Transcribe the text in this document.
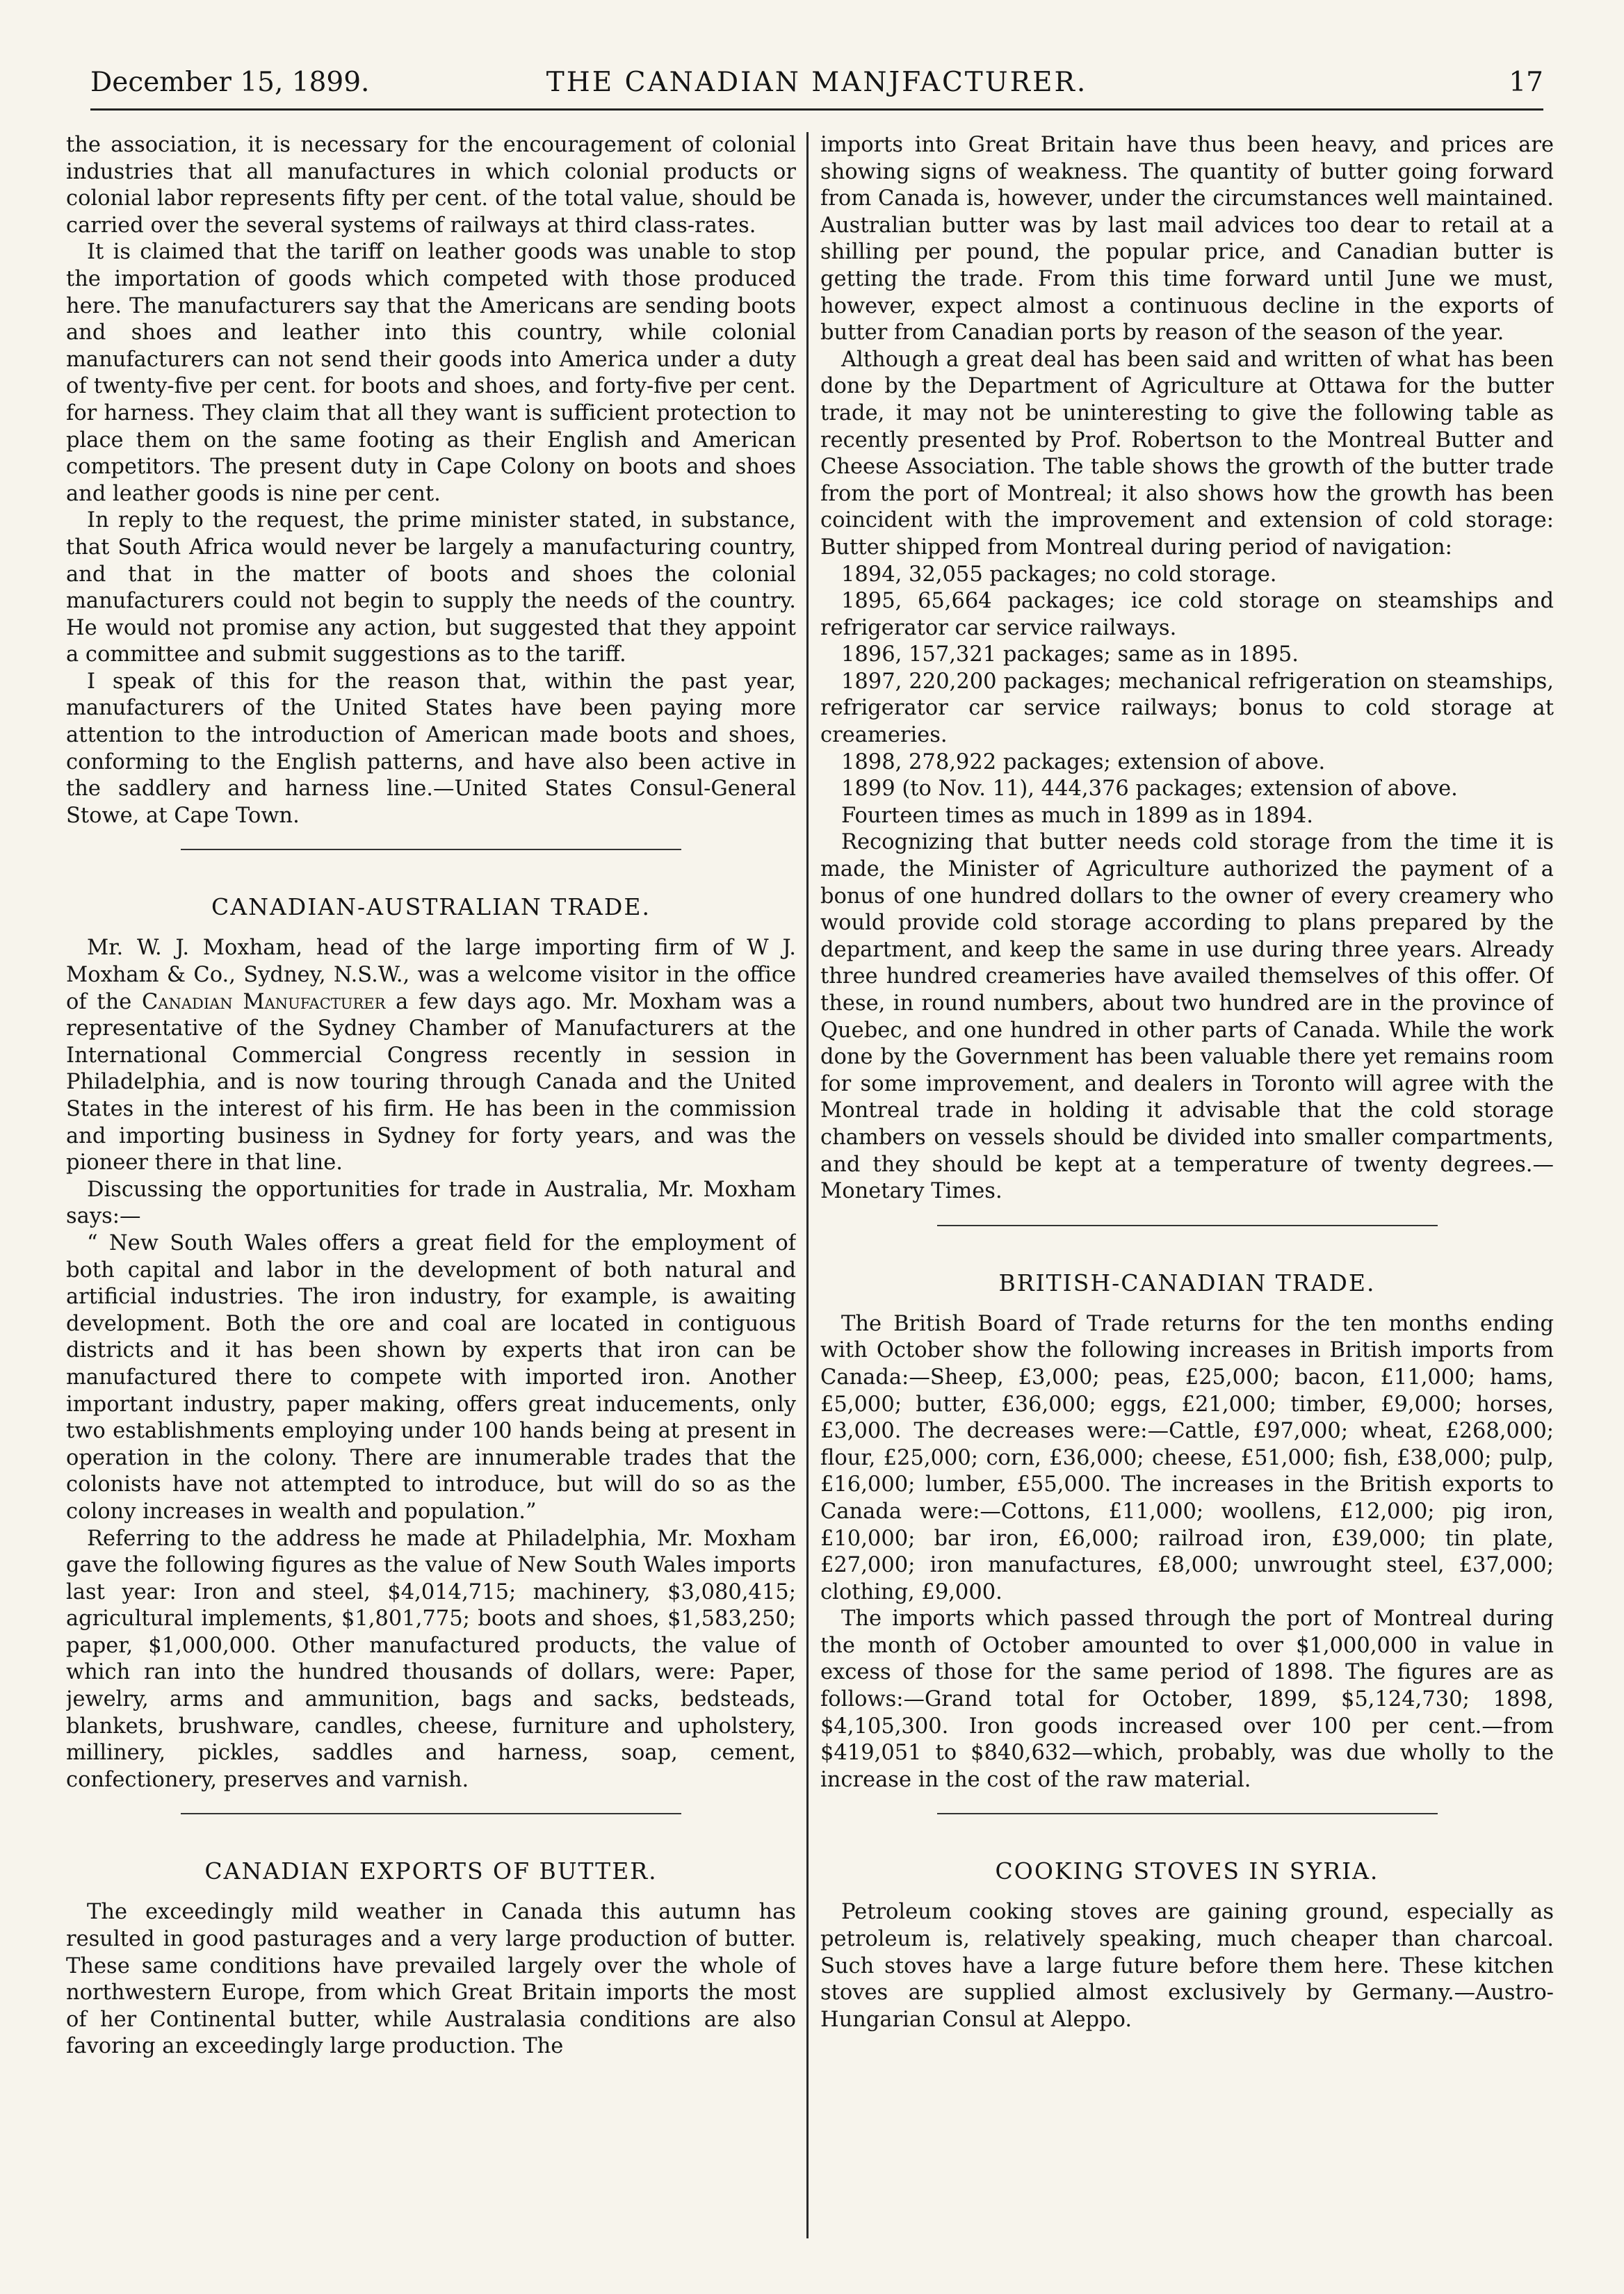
December 15, 1899.	THE CANADIAN MANJFACTURER.	17

the association, it is necessary for the encouragement of colonial industries that all manufactures in which colonial products or colonial labor represents fifty per cent. of the total value, should be carried over the several systems of railways at third class-rates.

It is claimed that the tariff on leather goods was unable to stop the importation of goods which competed with those produced here. The manufacturers say that the Americans are sending boots and shoes and leather into this country, while colonial manufacturers can not send their goods into America under a duty of twenty-five per cent. for boots and shoes, and forty-five per cent. for harness. They claim that all they want is sufficient protection to place them on the same footing as their English and American competitors. The present duty in Cape Colony on boots and shoes and leather goods is nine per cent.

In reply to the request, the prime minister stated, in substance, that South Africa would never be largely a manufacturing country, and that in the matter of boots and shoes the colonial manufacturers could not begin to supply the needs of the country. He would not promise any action, but suggested that they appoint a committee and submit suggestions as to the tariff.

I speak of this for the reason that, within the past year, manufacturers of the United States have been paying more attention to the introduction of American made boots and shoes, conforming to the English patterns, and have also been active in the saddlery and harness line.—United States Consul-General Stowe, at Cape Town.

CANADIAN-AUSTRALIAN TRADE.

Mr. W. J. Moxham, head of the large importing firm of W J. Moxham & Co., Sydney, N.S.W., was a welcome visitor in the office of the Canadian Manufacturer a few days ago. Mr. Moxham was a representative of the Sydney Chamber of Manufacturers at the International Commercial Congress recently in session in Philadelphia, and is now touring through Canada and the United States in the interest of his firm. He has been in the commission and importing business in Sydney for forty years, and was the pioneer there in that line.

Discussing the opportunities for trade in Australia, Mr. Moxham says:—

“ New South Wales offers a great field for the employment of both capital and labor in the development of both natural and artificial industries. The iron industry, for example, is awaiting development. Both the ore and coal are located in contiguous districts and it has been shown by experts that iron can be manufactured there to compete with imported iron. Another important industry, paper making, offers great inducements, only two establishments employing under 100 hands being at present in operation in the colony. There are innumerable trades that the colonists have not attempted to introduce, but will do so as the colony increases in wealth and population.”

Referring to the address he made at Philadelphia, Mr. Moxham gave the following figures as the value of New South Wales imports last year: Iron and steel, $4,014,715; machinery, $3,080,415; agricultural implements, $1,801,775; boots and shoes, $1,583,250; paper, $1,000,000. Other manufactured products, the value of which ran into the hundred thousands of dollars, were: Paper, jewelry, arms and ammunition, bags and sacks, bedsteads, blankets, brushware, candles, cheese, furniture and upholstery, millinery, pickles, saddles and harness, soap, cement, confectionery, preserves and varnish.

CANADIAN EXPORTS OF BUTTER.

The exceedingly mild weather in Canada this autumn has resulted in good pasturages and a very large production of butter. These same conditions have prevailed largely over the whole of northwestern Europe, from which Great Britain imports the most of her Continental butter, while Australasia conditions are also favoring an exceedingly large production. The

imports into Great Britain have thus been heavy, and prices are showing signs of weakness. The quantity of butter going forward from Canada is, however, under the circumstances well maintained. Australian butter was by last mail advices too dear to retail at a shilling per pound, the popular price, and Canadian butter is getting the trade. From this time forward until June we must, however, expect almost a continuous decline in the exports of butter from Canadian ports by reason of the season of the year.

Although a great deal has been said and written of what has been done by the Department of Agriculture at Ottawa for the butter trade, it may not be uninteresting to give the following table as recently presented by Prof. Robertson to the Montreal Butter and Cheese Association. The table shows the growth of the butter trade from the port of Montreal; it also shows how the growth has been coincident with the improvement and extension of cold storage: Butter shipped from Montreal during period of navigation:

1894, 32,055 packages; no cold storage.

1895, 65,664 packages; ice cold storage on steamships and refrigerator car service railways.

1896, 157,321 packages; same as in 1895.

1897, 220,200 packages; mechanical refrigeration on steamships, refrigerator car service railways; bonus to cold storage at creameries.

1898, 278,922 packages; extension of above.

1899 (to Nov. 11), 444,376 packages; extension of above.

Fourteen times as much in 1899 as in 1894.

Recognizing that butter needs cold storage from the time it is made, the Minister of Agriculture authorized the payment of a bonus of one hundred dollars to the owner of every creamery who would provide cold storage according to plans prepared by the department, and keep the same in use during three years. Already three hundred creameries have availed themselves of this offer. Of these, in round numbers, about two hundred are in the province of Quebec, and one hundred in other parts of Canada. While the work done by the Government has been valuable there yet remains room for some improvement, and dealers in Toronto will agree with the Montreal trade in holding it advisable that the cold storage chambers on vessels should be divided into smaller compartments, and they should be kept at a temperature of twenty degrees.—Monetary Times.

BRITISH-CANADIAN TRADE.

The British Board of Trade returns for the ten months ending with October show the following increases in British imports from Canada:—Sheep, £3,000; peas, £25,000; bacon, £11,000; hams, £5,000; butter, £36,000; eggs, £21,000; timber, £9,000; horses, £3,000. The decreases were:—Cattle, £97,000; wheat, £268,000; flour, £25,000; corn, £36,000; cheese, £51,000; fish, £38,000; pulp, £16,000; lumber, £55,000. The increases in the British exports to Canada were:—Cottons, £11,000; woollens, £12,000; pig iron, £10,000; bar iron, £6,000; railroad iron, £39,000; tin plate, £27,000; iron manufactures, £8,000; unwrought steel, £37,000; clothing, £9,000.

The imports which passed through the port of Montreal during the month of October amounted to over $1,000,000 in value in excess of those for the same period of 1898. The figures are as follows:—Grand total for October, 1899, $5,124,730; 1898, $4,105,300. Iron goods increased over 100 per cent.—from $419,051 to $840,632—which, probably, was due wholly to the increase in the cost of the raw material.

COOKING STOVES IN SYRIA.

Petroleum cooking stoves are gaining ground, especially as petroleum is, relatively speaking, much cheaper than charcoal. Such stoves have a large future before them here. These kitchen stoves are supplied almost exclusively by Germany.—Austro-Hungarian Consul at Aleppo.
